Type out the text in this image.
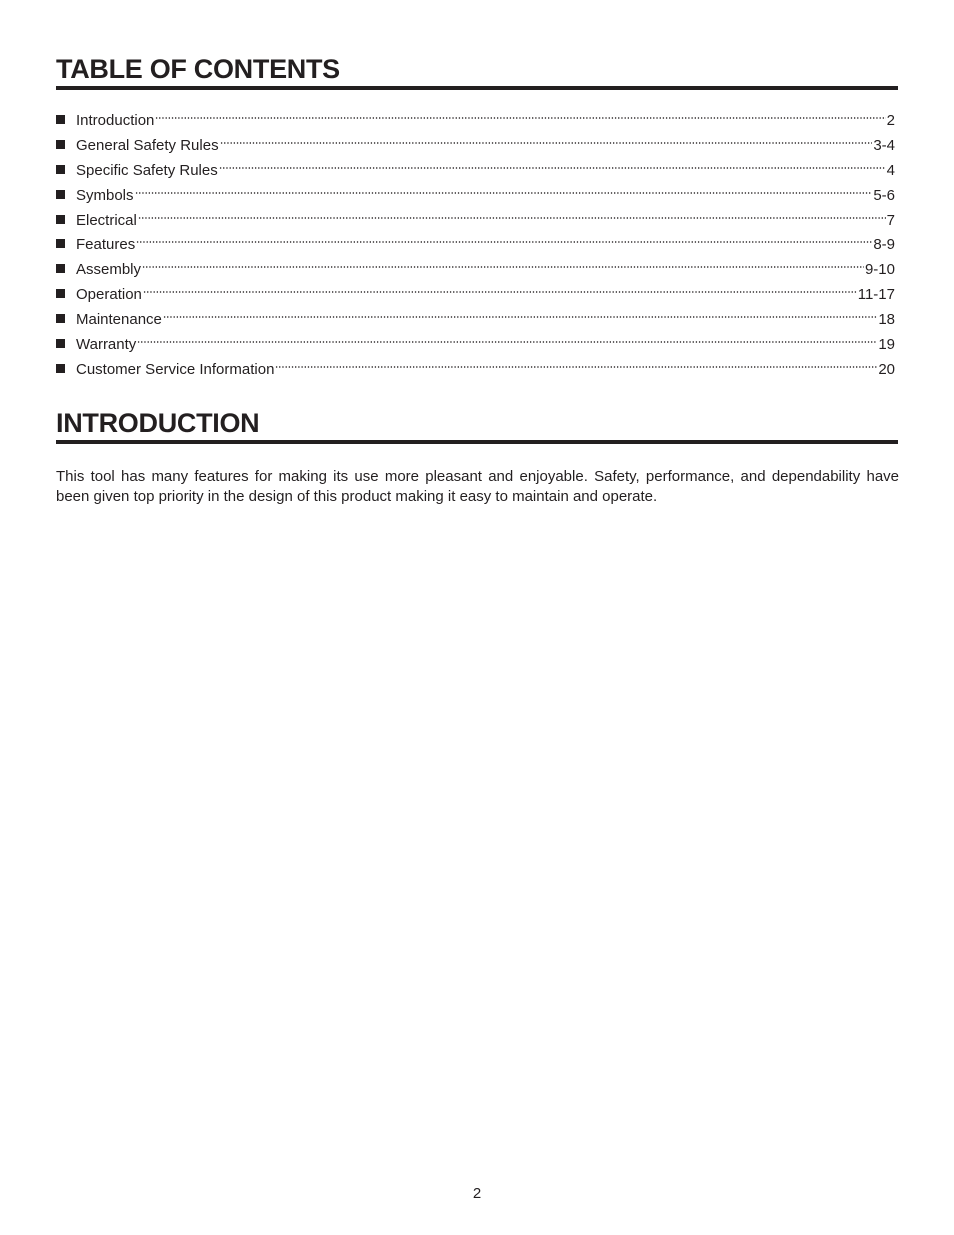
TABLE OF CONTENTS
Introduction	2
General Safety Rules	3-4
Specific Safety Rules	4
Symbols	5-6
Electrical	7
Features	8-9
Assembly	9-10
Operation	11-17
Maintenance	18
Warranty	19
Customer Service Information	20
INTRODUCTION

This tool has many features for making its use more pleasant and enjoyable. Safety, performance, and dependability have been given top priority in the design of this product making it easy to maintain and operate.

2
